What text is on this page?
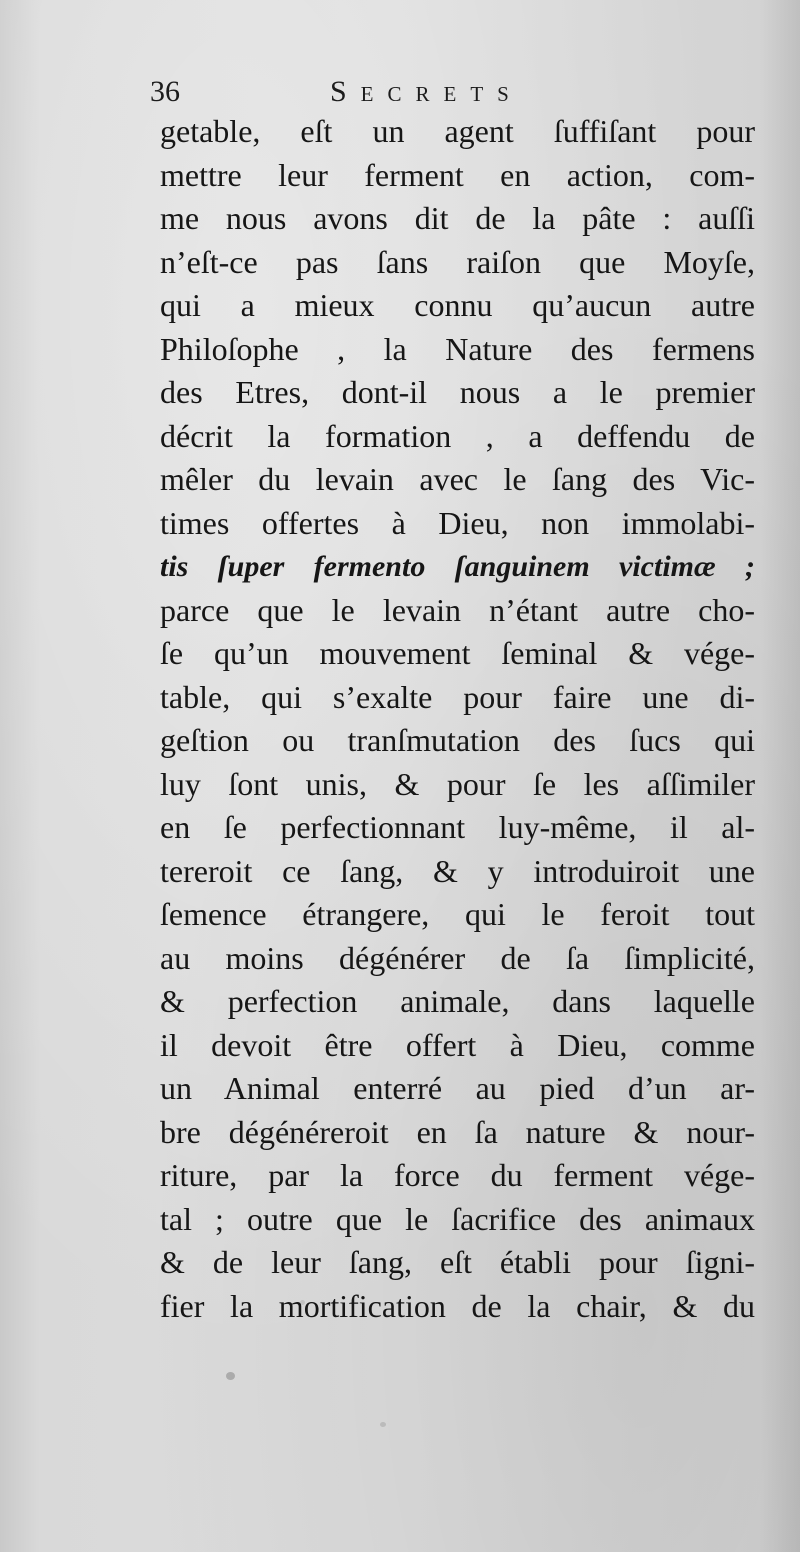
36	Secrets
getable, eſt un agent ſuffiſant pour
mettre leur ferment en action, com-
me nous avons dit de la pâte : auſſi
n’eſt-ce pas ſans raiſon que Moyſe,
qui a mieux connu qu’aucun autre
Philoſophe , la Nature des fermens
des Etres, dont-il nous a le premier
décrit la formation , a deffendu de
mêler du levain avec le ſang des Vic-
times offertes à Dieu, non immolabi-
tis ſuper fermento ſanguinem victimæ ;
parce que le levain n’étant autre cho-
ſe qu’un mouvement ſeminal & vége-
table, qui s’exalte pour faire une di-
geſtion ou tranſmutation des ſucs qui
luy ſont unis, & pour ſe les aſſimiler
en ſe perfectionnant luy-même, il al-
tereroit ce ſang, & y introduiroit une
ſemence étrangere, qui le feroit tout
au moins dégénérer de ſa ſimplicité,
& perfection animale, dans laquelle
il devoit être offert à Dieu, comme
un Animal enterré au pied d’un ar-
bre dégénéreroit en ſa nature & nour-
riture, par la force du ferment vége-
tal ; outre que le ſacrifice des animaux
& de leur ſang, eſt établi pour ſigni-
fier la mortification de la chair, & du
